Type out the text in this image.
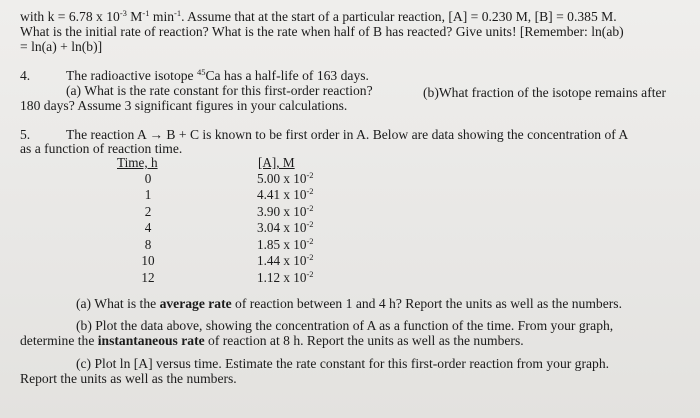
with k = 6.78 x $10^{-3}$ $M^{-1}$ $\min^{-1}$. Assume that at the start of a particular reaction, [A] = 0.230 M, [B] = 0.385 M.
What is the initial rate of reaction? What is the rate when half of B has reacted? Give units! [Remember: ln(ab)
= ln(a) + ln(b)]
4.	The radioactive isotope $^{45}$Ca has a half-life of 163 days.
(a) What is the rate constant for this first-order reaction?	(b)What fraction of the isotope remains after
180 days? Assume 3 significant figures in your calculations.
5.	The reaction A → B + C is known to be first order in A. Below are data showing the concentration of A
as a function of reaction time.
Time, h	[A], M
0	5.00 x $10^{-2}$
1	4.41 x $10^{-2}$
2	3.90 x $10^{-2}$
4	3.04 x $10^{-2}$
8	1.85 x $10^{-2}$
10	1.44 x $10^{-2}$
12	1.12 x $10^{-2}$
(a) What is the average rate of reaction between 1 and 4 h? Report the units as well as the numbers.
(b) Plot the data above, showing the concentration of A as a function of the time. From your graph,
determine the instantaneous rate of reaction at 8 h. Report the units as well as the numbers.
(c) Plot ln [A] versus time. Estimate the rate constant for this first-order reaction from your graph.
Report the units as well as the numbers.
